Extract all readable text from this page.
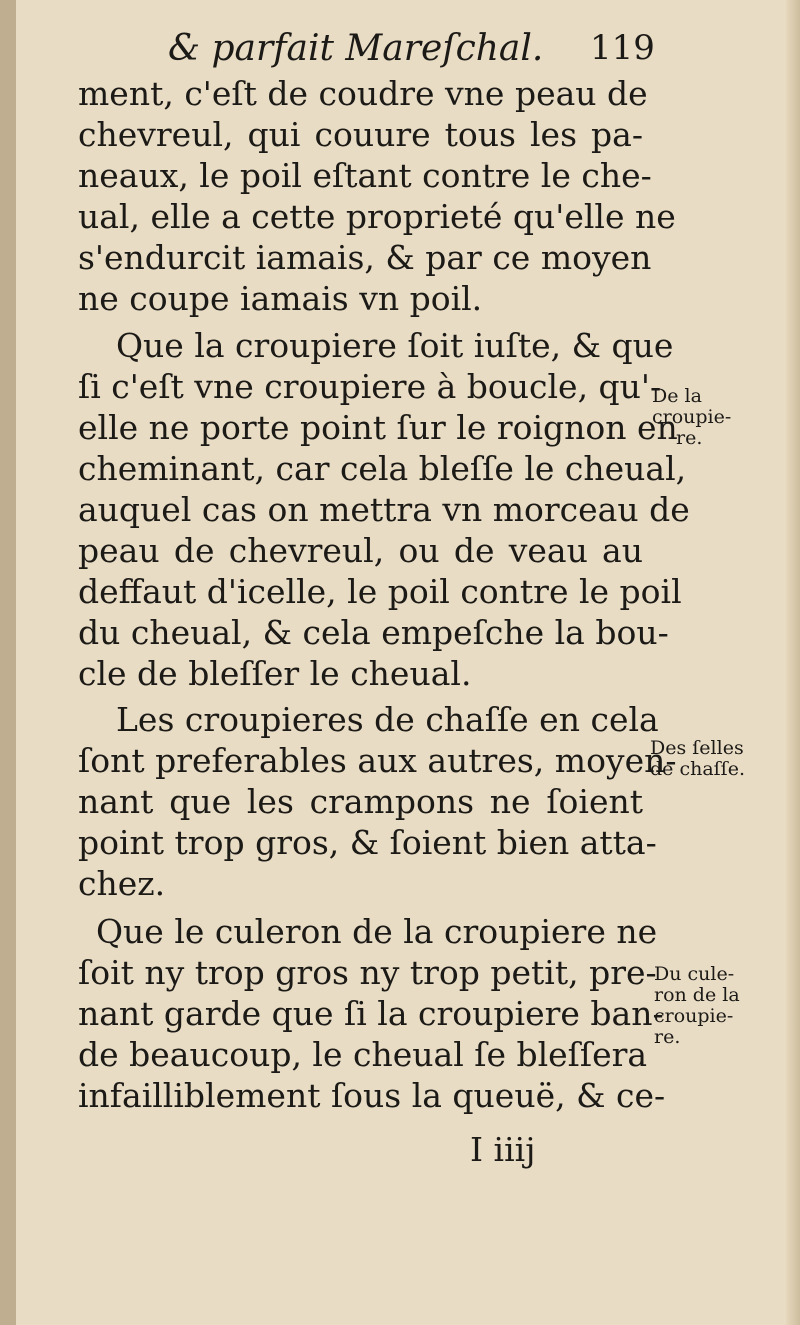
& parfait Mareſchal. 119
ment, c'eſt de coudre vne peau de
chevreul, qui couure tous les pa-
neaux, le poil eſtant contre le che-
ual, elle a cette proprieté qu'elle ne
s'endurcit iamais, & par ce moyen
ne coupe iamais vn poil.
Que la croupiere ſoit iuſte, & que
ſi c'eſt vne croupiere à boucle, qu'-
elle ne porte point ſur le roignon en
cheminant, car cela bleſſe le cheual,
auquel cas on mettra vn morceau de
peau de chevreul, ou de veau au
deffaut d'icelle, le poil contre le poil
du cheual, & cela empeſche la bou-
cle de bleſſer le cheual.
Les croupieres de chaſſe en cela
ſont preferables aux autres, moyen-
nant que les crampons ne ſoient
point trop gros, & ſoient bien atta-
chez.
Que le culeron de la croupiere ne
ſoit ny trop gros ny trop petit, pre-
nant garde que ſi la croupiere ban-
de beaucoup, le cheual ſe bleſſera
infailliblement ſous la queuë, & ce-
De la
croupie-
re.
Des ſelles
de chaſſe.
Du cule-
ron de la
croupie-
re.
I iiij
